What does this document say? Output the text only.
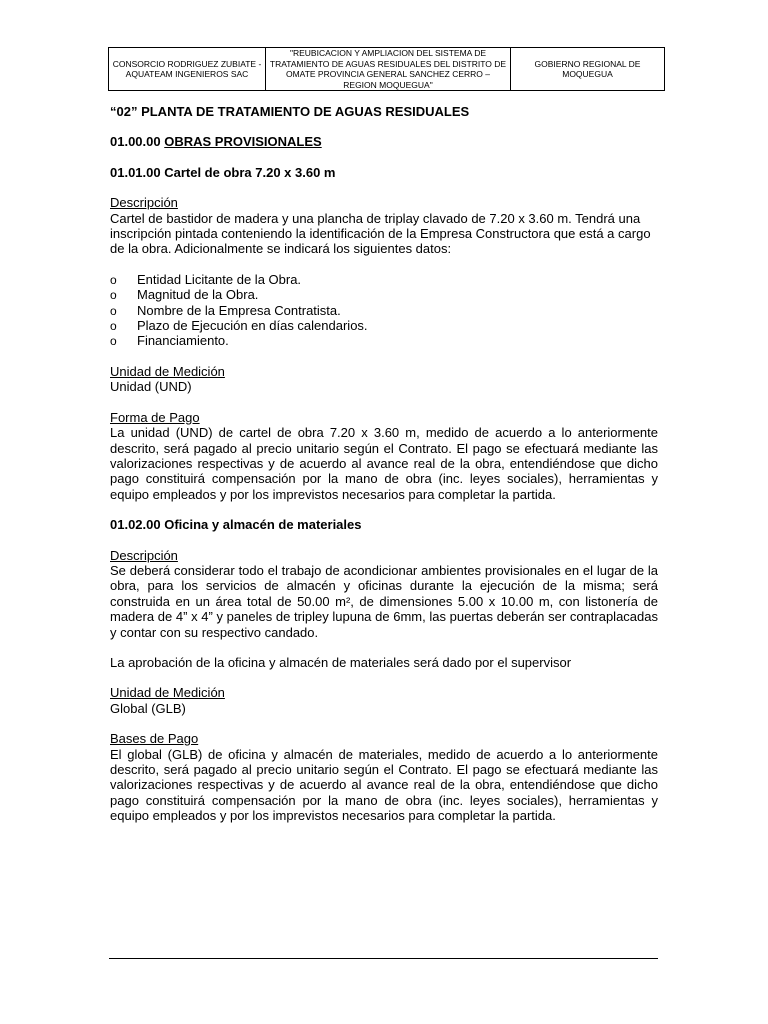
CONSORCIO RODRIGUEZ ZUBIATE - AQUATEAM INGENIEROS SAC	"REUBICACION Y AMPLIACION DEL SISTEMA DE TRATAMIENTO DE AGUAS RESIDUALES DEL DISTRITO DE OMATE PROVINCIA GENERAL SANCHEZ CERRO – REGION MOQUEGUA"	GOBIERNO REGIONAL DE MOQUEGUA

“02” PLANTA DE TRATAMIENTO DE AGUAS RESIDUALES

01.00.00 OBRAS PROVISIONALES

01.01.00 Cartel de obra 7.20 x 3.60 m

Descripción

Cartel de bastidor de madera y una plancha de triplay clavado de 7.20 x 3.60 m. Tendrá una inscripción pintada conteniendo la identificación de la Empresa Constructora que está a cargo de la obra. Adicionalmente se indicará los siguientes datos:

o Entidad Licitante de la Obra.
o Magnitud de la Obra.
o Nombre de la Empresa Contratista.
o Plazo de Ejecución en días calendarios.
o Financiamiento.

Unidad de Medición

Unidad (UND)

Forma de Pago

La unidad (UND) de cartel de obra 7.20 x 3.60 m, medido de acuerdo a lo anteriormente descrito, será pagado al precio unitario según el Contrato. El pago se efectuará mediante las valorizaciones respectivas y de acuerdo al avance real de la obra, entendiéndose que dicho pago constituirá compensación por la mano de obra (inc. leyes sociales), herramientas y equipo empleados y por los imprevistos necesarios para completar la partida.

01.02.00 Oficina y almacén de materiales

Descripción

Se deberá considerar todo el trabajo de acondicionar ambientes provisionales en el lugar de la obra, para los servicios de almacén y oficinas durante la ejecución de la misma; será construida en un área total de 50.00 m², de dimensiones 5.00 x 10.00 m, con listonería de madera de 4” x 4” y paneles de tripley lupuna de 6mm, las puertas deberán ser contraplacadas y contar con su respectivo candado.

La aprobación de la oficina y almacén de materiales será dado por el supervisor

Unidad de Medición

Global (GLB)

Bases de Pago

El global (GLB) de oficina y almacén de materiales, medido de acuerdo a lo anteriormente descrito, será pagado al precio unitario según el Contrato. El pago se efectuará mediante las valorizaciones respectivas y de acuerdo al avance real de la obra, entendiéndose que dicho pago constituirá compensación por la mano de obra (inc. leyes sociales), herramientas y equipo empleados y por los imprevistos necesarios para completar la partida.
